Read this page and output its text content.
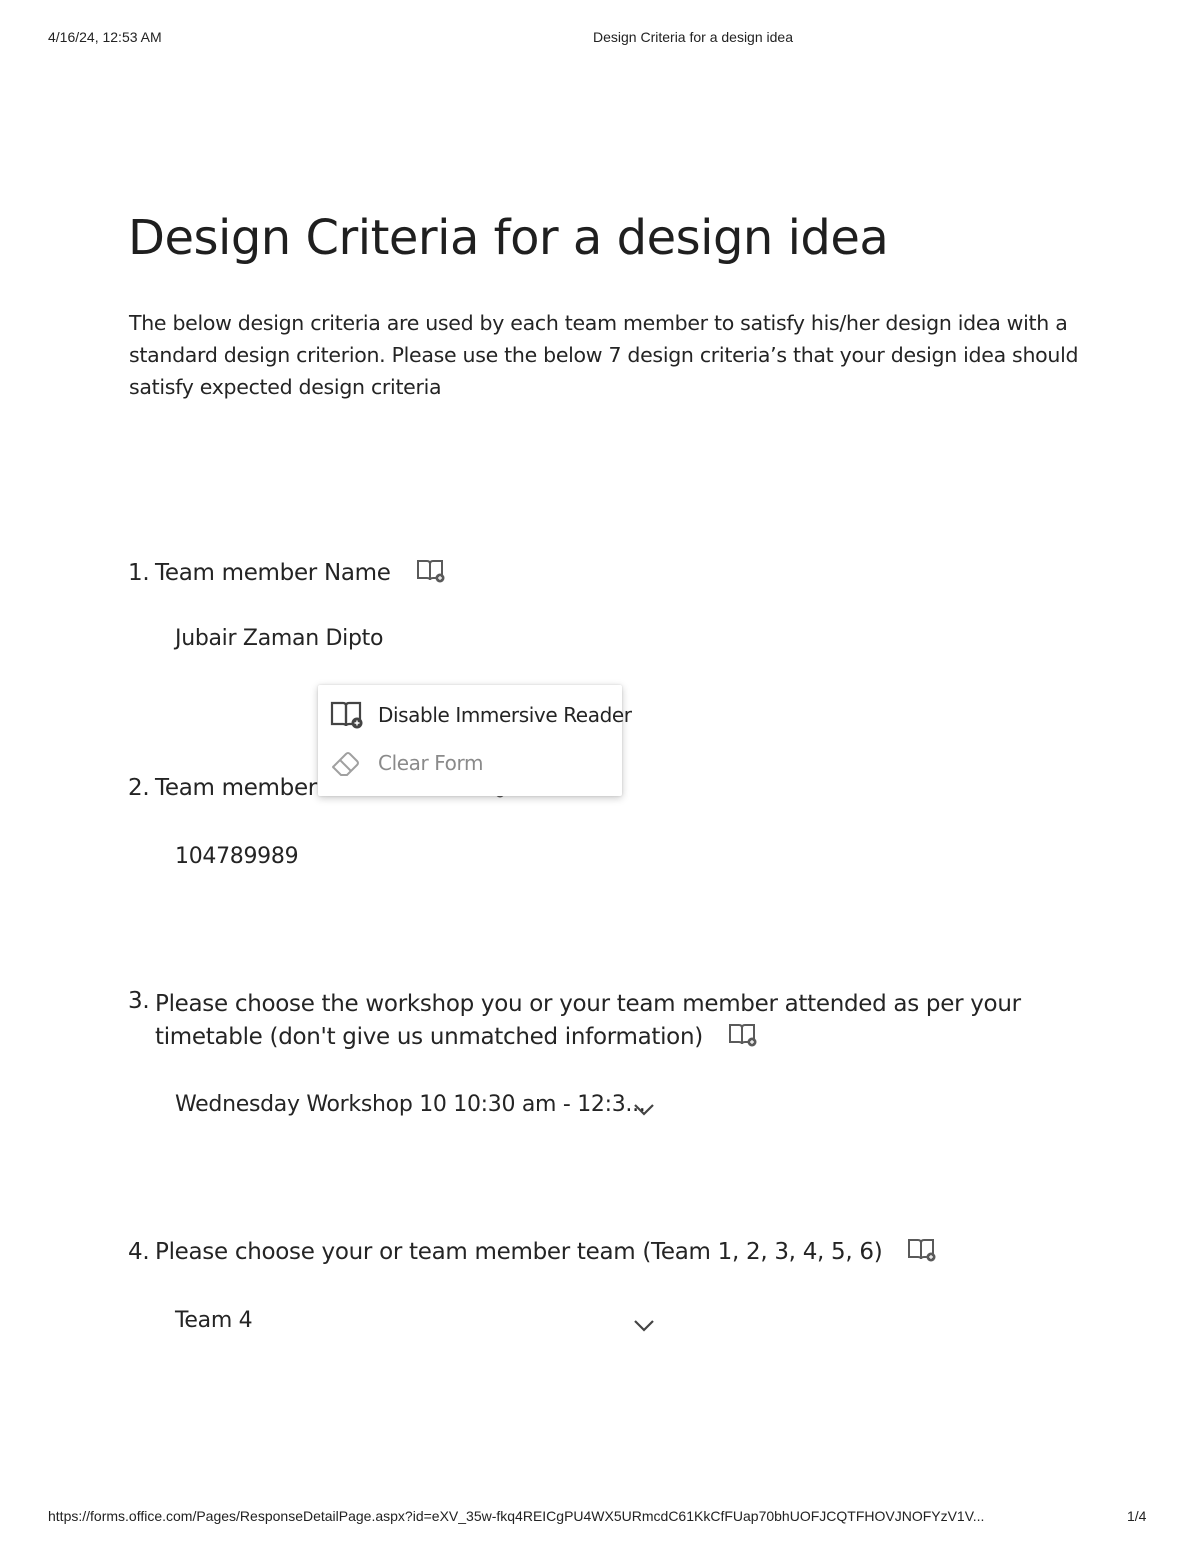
4/16/24, 12:53 AM	Design Criteria for a design idea
Design Criteria for a design idea
The below design criteria are used by each team member to satisfy his/her design idea with a standard design criterion. Please use the below 7 design criteria’s that your design idea should satisfy expected design criteria
1. Team member Name
Jubair Zaman Dipto
2. Team member
104789989
3. Please choose the workshop you or your team member attended as per your
timetable (don't give us unmatched information)
Wednesday Workshop 10 10:30 am - 12:3...
4. Please choose your or team member team (Team 1, 2, 3, 4, 5, 6)
Team 4
Disable Immersive Reader
Clear Form
https://forms.office.com/Pages/ResponseDetailPage.aspx?id=eXV_35w-fkq4REICgPU4WX5URmcdC61KkCfFUap70bhUOFJCQTFHOVJNOFYzV1V...	1/4
